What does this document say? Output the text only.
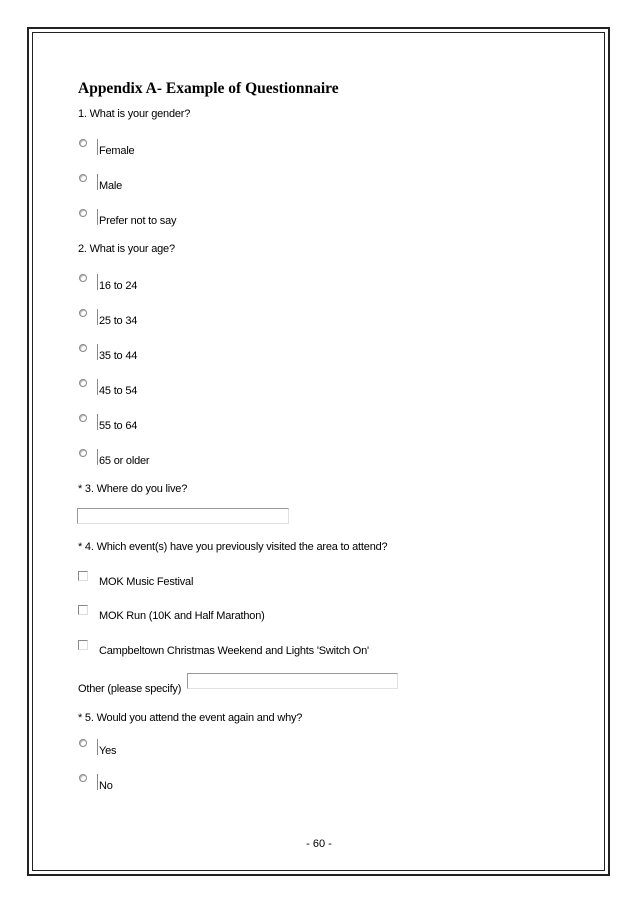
Appendix A- Example of Questionnaire
1. What is your gender?
Female
Male
Prefer not to say
2. What is your age?
16 to 24
25 to 34
35 to 44
45 to 54
55 to 64
65 or older
* 3. Where do you live?
* 4. Which event(s) have you previously visited the area to attend?
MOK Music Festival
MOK Run (10K and Half Marathon)
Campbeltown Christmas Weekend and Lights 'Switch On'
Other (please specify)
* 5. Would you attend the event again and why?
Yes
No
- 60 -
